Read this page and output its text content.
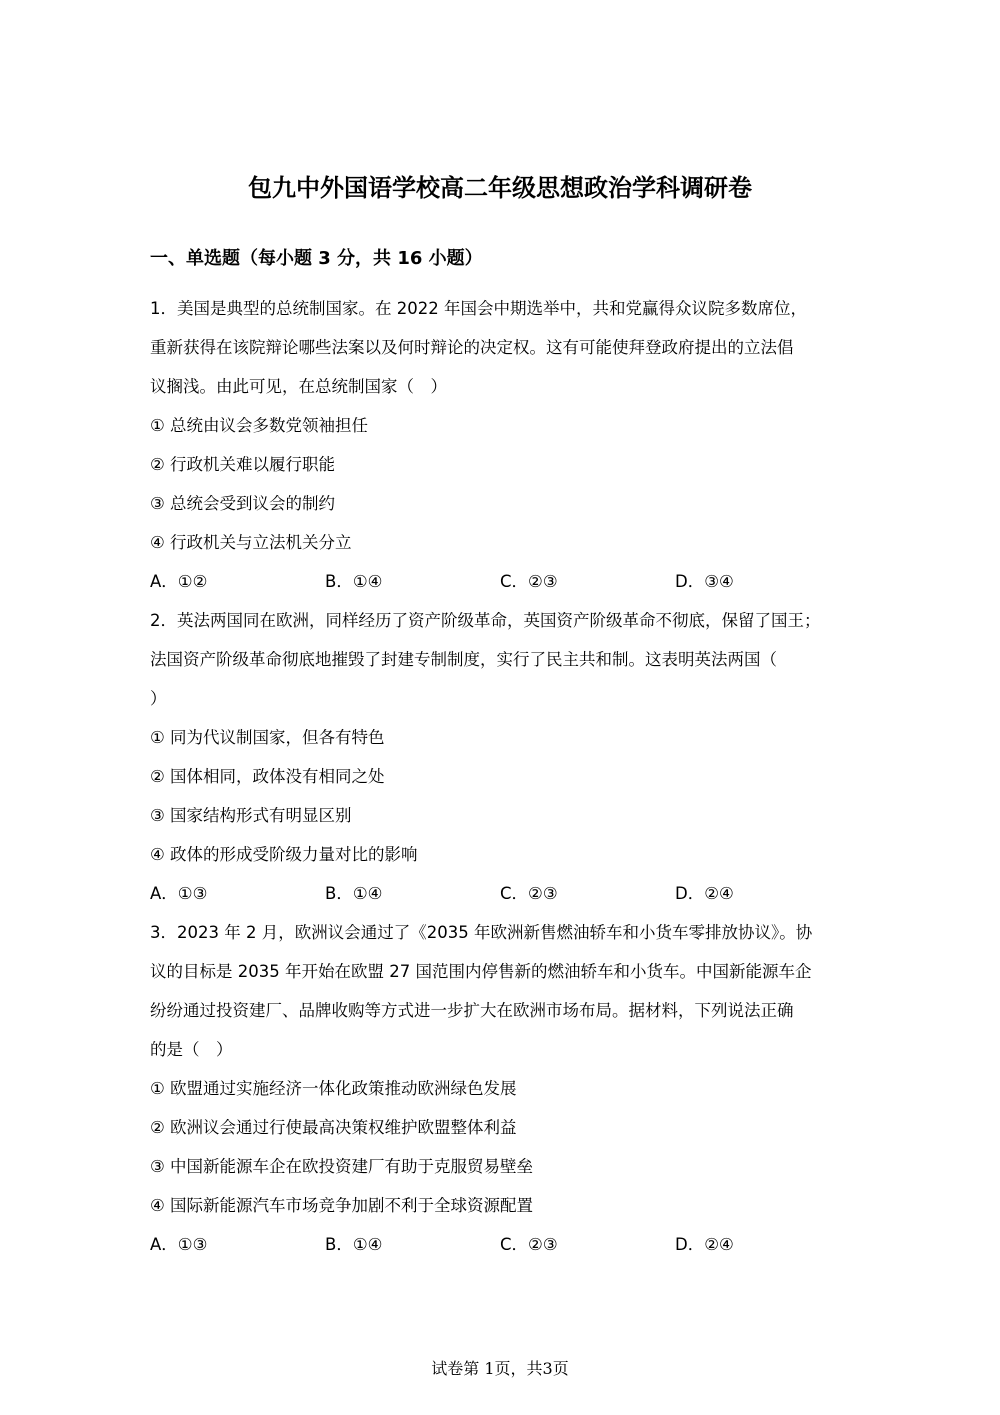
包九中外国语学校高二年级思想政治学科调研卷
一、单选题（每小题 3 分，共 16 小题）
1．美国是典型的总统制国家。在 2022 年国会中期选举中，共和党赢得众议院多数席位，
重新获得在该院辩论哪些法案以及何时辩论的决定权。这有可能使拜登政府提出的立法倡
议搁浅。由此可见，在总统制国家（　）
① 总统由议会多数党领袖担任
② 行政机关难以履行职能
③ 总统会受到议会的制约
④ 行政机关与立法机关分立
A．①②	B．①④	C．②③	D．③④
2．英法两国同在欧洲，同样经历了资产阶级革命，英国资产阶级革命不彻底，保留了国王；
法国资产阶级革命彻底地摧毁了封建专制制度，实行了民主共和制。这表明英法两国（
）
① 同为代议制国家，但各有特色
② 国体相同，政体没有相同之处
③ 国家结构形式有明显区别
④ 政体的形成受阶级力量对比的影响
A．①③	B．①④	C．②③	D．②④
3．2023 年 2 月，欧洲议会通过了《2035 年欧洲新售燃油轿车和小货车零排放协议》。协
议的目标是 2035 年开始在欧盟 27 国范围内停售新的燃油轿车和小货车。中国新能源车企
纷纷通过投资建厂、品牌收购等方式进一步扩大在欧洲市场布局。据材料，下列说法正确
的是（　）
① 欧盟通过实施经济一体化政策推动欧洲绿色发展
② 欧洲议会通过行使最高决策权维护欧盟整体利益
③ 中国新能源车企在欧投资建厂有助于克服贸易壁垒
④ 国际新能源汽车市场竞争加剧不利于全球资源配置
A．①③	B．①④	C．②③	D．②④
试卷第 1页，共3页
